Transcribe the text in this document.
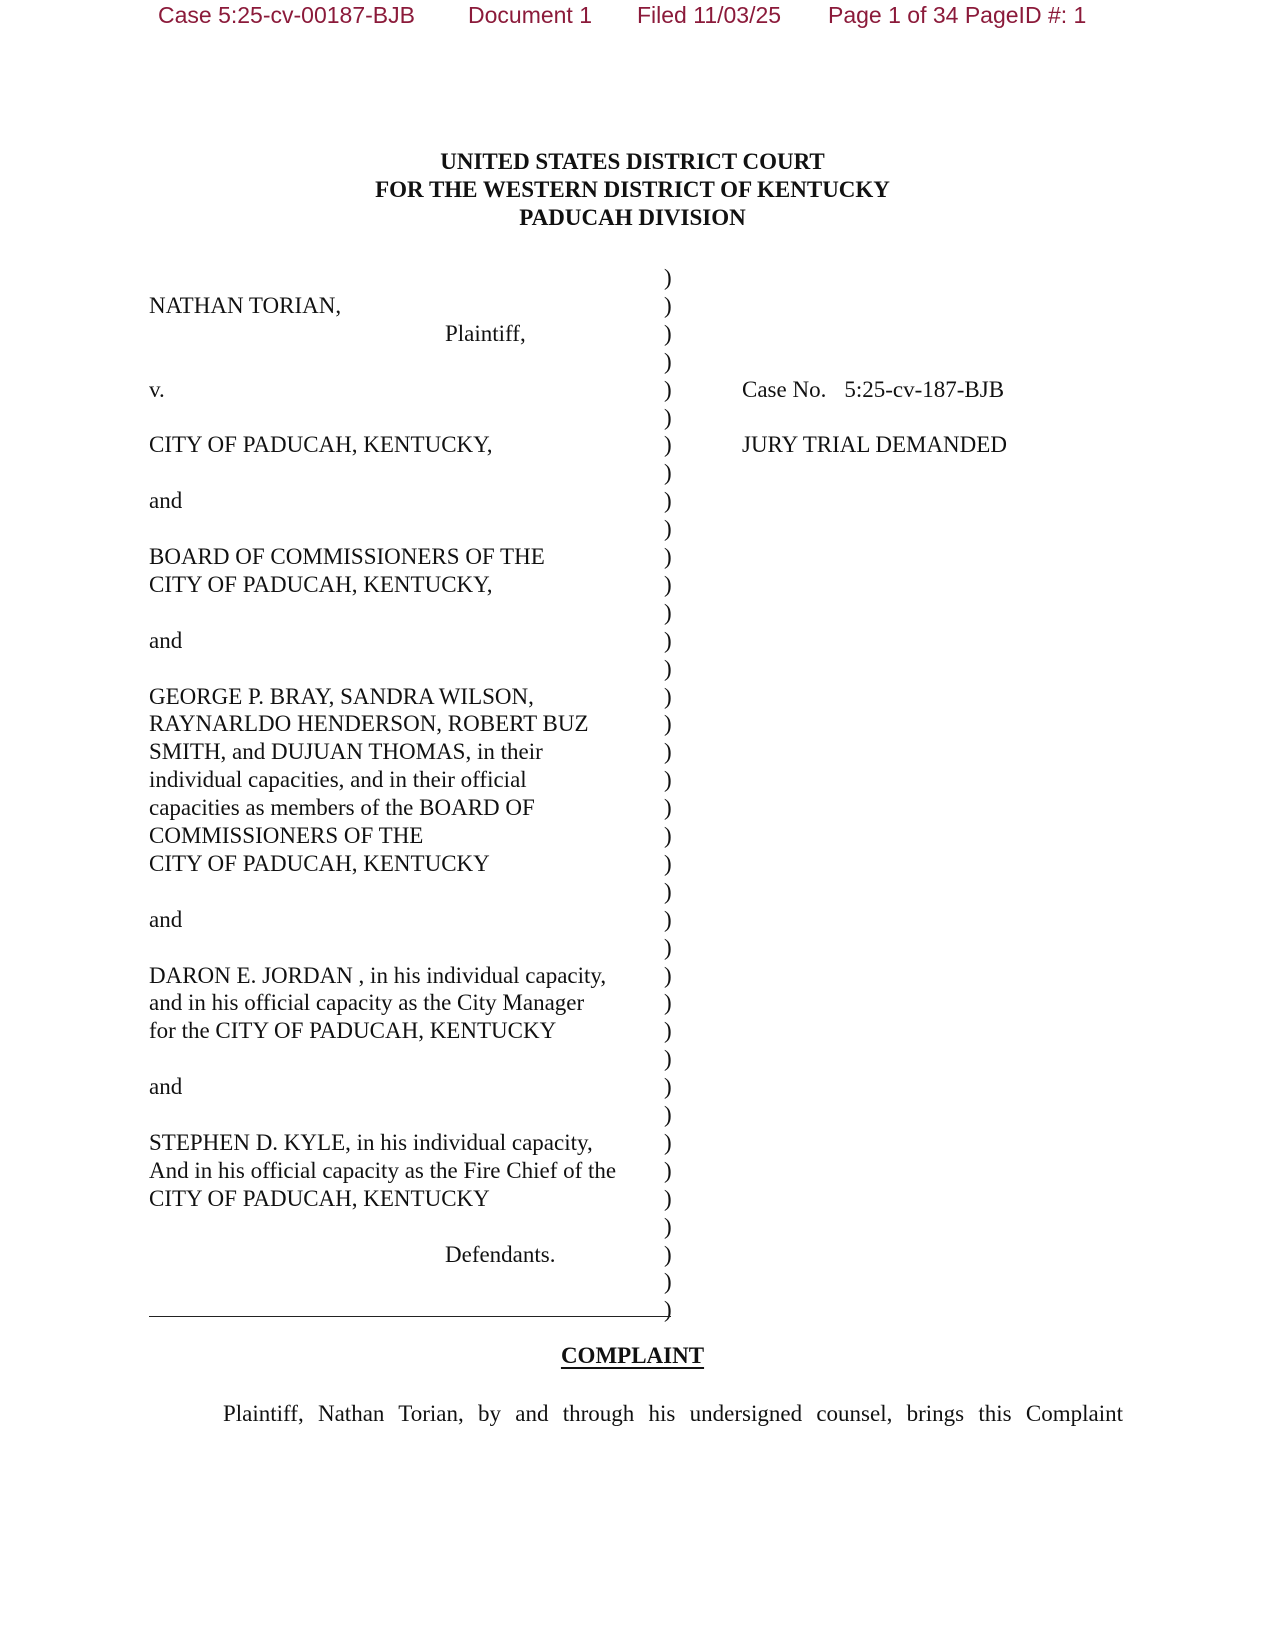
Case 5:25-cv-00187-BJB Document 1 Filed 11/03/25 Page 1 of 34 PageID #: 1
UNITED STATES DISTRICT COURT
FOR THE WESTERN DISTRICT OF KENTUCKY
PADUCAH DIVISION
NATHAN TORIAN,
Plaintiff,
v.
CITY OF PADUCAH, KENTUCKY,
and
BOARD OF COMMISSIONERS OF THE
CITY OF PADUCAH, KENTUCKY,
and
GEORGE P. BRAY, SANDRA WILSON,
RAYNARLDO HENDERSON, ROBERT BUZ
SMITH, and DUJUAN THOMAS, in their
individual capacities, and in their official
capacities as members of the BOARD OF
COMMISSIONERS OF THE
CITY OF PADUCAH, KENTUCKY
and
DARON E. JORDAN , in his individual capacity,
and in his official capacity as the City Manager
for the CITY OF PADUCAH, KENTUCKY
and
STEPHEN D. KYLE, in his individual capacity,
And in his official capacity as the Fire Chief of the
CITY OF PADUCAH, KENTUCKY
Defendants.
)
)
)
)
)
)
)
)
)
)
)
)
)
)
)
)
)
)
)
)
)
)
)
)
)
)
)
)
)
)
)
)
)
)
)
)
)
)
Case No. 5:25-cv-187-BJB
JURY TRIAL DEMANDED
COMPLAINT
Plaintiff, Nathan Torian, by and through his undersigned counsel, brings this Complaint
